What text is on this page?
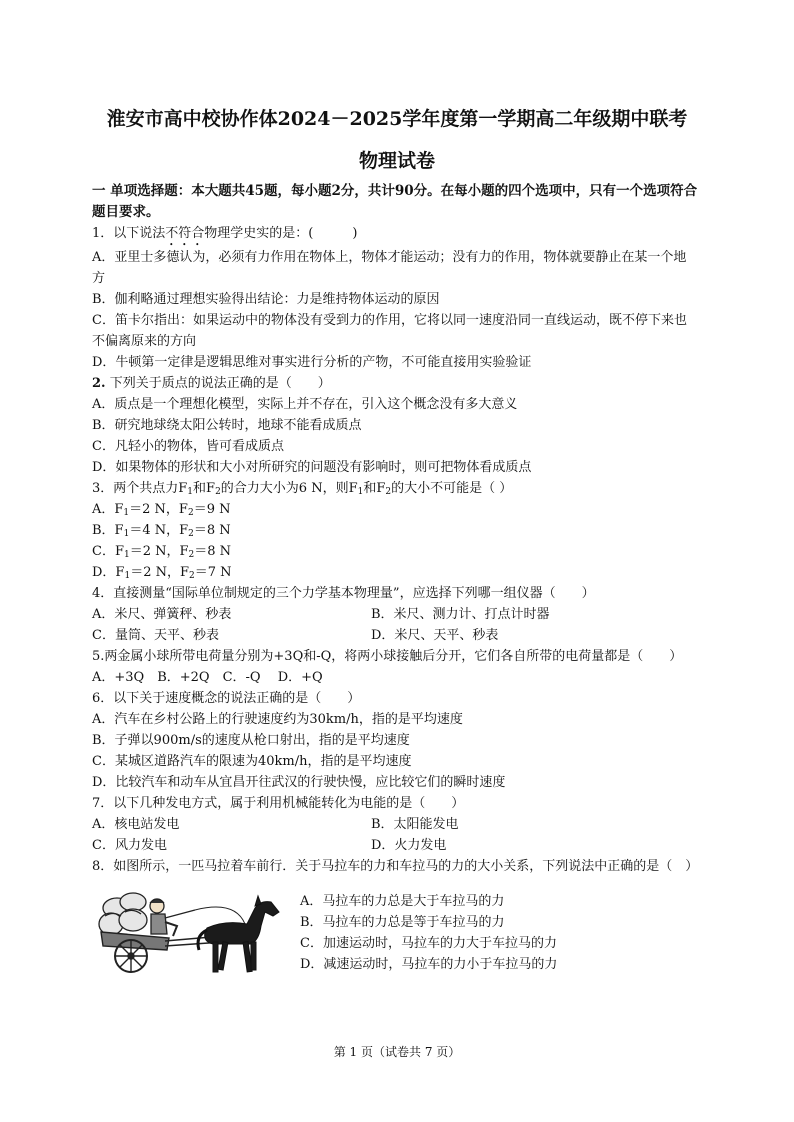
淮安市高中校协作体2024－2025学年度第一学期高二年级期中联考
物理试卷
一 单项选择题：本大题共45题，每小题2分，共计90分。在每小题的四个选项中，只有一个选项符合
题目要求。
1．以下说法不符合物理学史实的是：(　　　)
A．亚里士多德认为，必须有力作用在物体上，物体才能运动；没有力的作用，物体就要静止在某一个地
方
B．伽利略通过理想实验得出结论：力是维持物体运动的原因
C．笛卡尔指出：如果运动中的物体没有受到力的作用，它将以同一速度沿同一直线运动，既不停下来也
不偏离原来的方向
D．牛顿第一定律是逻辑思维对事实进行分析的产物，不可能直接用实验验证
2. 下列关于质点的说法正确的是（　　）
A．质点是一个理想化模型，实际上并不存在，引入这个概念没有多大意义
B．研究地球绕太阳公转时，地球不能看成质点
C．凡轻小的物体，皆可看成质点
D．如果物体的形状和大小对所研究的问题没有影响时，则可把物体看成质点
3．两个共点力$F_1$和$F_2$的合力大小为6 N，则$F_1$和$F_2$的大小不可能是（ ）
A．$F_1=2$ N，$F_2=9$ N
B．$F_1=4$ N，$F_2=8$ N
C．$F_1=2$ N，$F_2=8$ N
D．$F_1=2$ N，$F_2=7$ N
4．直接测量“国际单位制规定的三个力学基本物理量”，应选择下列哪一组仪器（　　）
A．米尺、弹簧秤、秒表	B．米尺、测力计、打点计时器
C．量筒、天平、秒表	D．米尺、天平、秒表
5.两金属小球所带电荷量分别为+3Q和-Q，将两小球接触后分开，它们各自所带的电荷量都是（　　）
A．+3Q　B．+2Q　C．-Q　 D．+Q
6．以下关于速度概念的说法正确的是（　　）
A．汽车在乡村公路上的行驶速度约为30km/h，指的是平均速度
B．子弹以900m/s的速度从枪口射出，指的是平均速度
C．某城区道路汽车的限速为40km/h，指的是平均速度
D．比较汽车和动车从宜昌开往武汉的行驶快慢，应比较它们的瞬时速度
7．以下几种发电方式，属于利用机械能转化为电能的是（　　）
A．核电站发电	B．太阳能发电
C．风力发电	D．火力发电
8．如图所示，一匹马拉着车前行．关于马拉车的力和车拉马的力的大小关系，下列说法中正确的是（　）
A．马拉车的力总是大于车拉马的力
B．马拉车的力总是等于车拉马的力
C．加速运动时，马拉车的力大于车拉马的力
D．减速运动时，马拉车的力小于车拉马的力
第 1 页（试卷共 7 页）
